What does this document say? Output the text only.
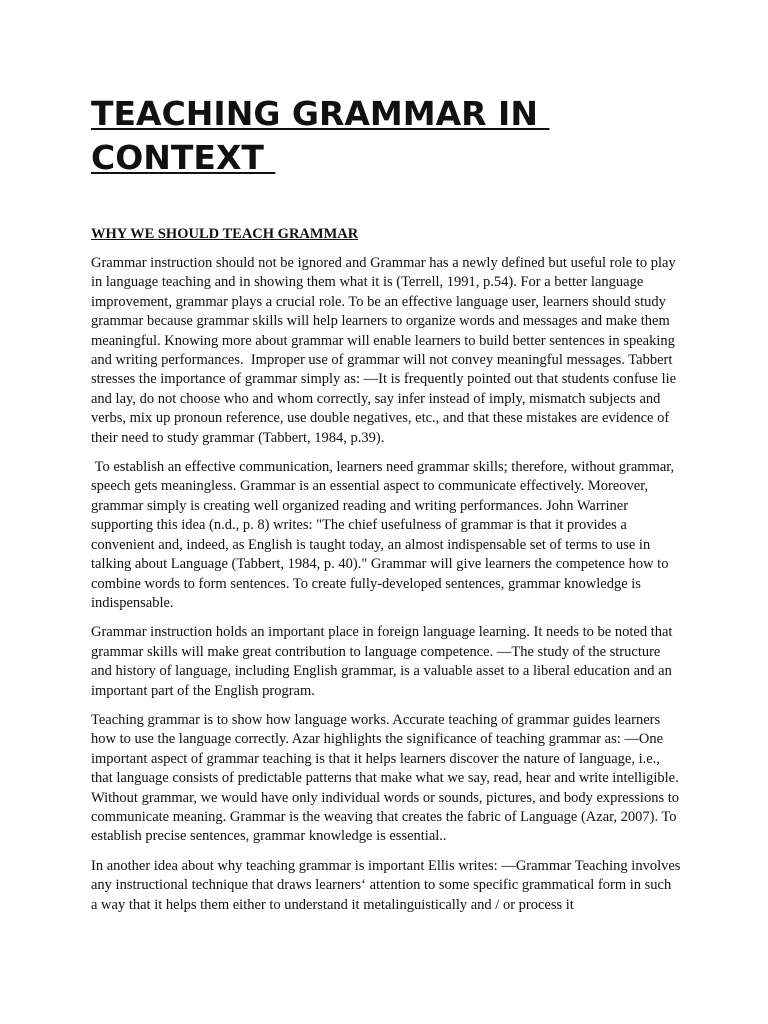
TEACHING GRAMMAR IN
CONTEXT
WHY WE SHOULD TEACH GRAMMAR

Grammar instruction should not be ignored and Grammar has a newly defined but useful role to play in language teaching and in showing them what it is (Terrell, 1991, p.54). For a better language improvement, grammar plays a crucial role. To be an effective language user, learners should study grammar because grammar skills will help learners to organize words and messages and make them meaningful. Knowing more about grammar will enable learners to build better sentences in speaking and writing performances.  Improper use of grammar will not convey meaningful messages. Tabbert stresses the importance of grammar simply as: —It is frequently pointed out that students confuse lie and lay, do not choose who and whom correctly, say infer instead of imply, mismatch subjects and verbs, mix up pronoun reference, use double negatives, etc., and that these mistakes are evidence of their need to study grammar (Tabbert, 1984, p.39).

To establish an effective communication, learners need grammar skills; therefore, without grammar, speech gets meaningless. Grammar is an essential aspect to communicate effectively. Moreover, grammar simply is creating well organized reading and writing performances. John Warriner supporting this idea (n.d., p. 8) writes: "The chief usefulness of grammar is that it provides a convenient and, indeed, as English is taught today, an almost indispensable set of terms to use in talking about Language (Tabbert, 1984, p. 40)." Grammar will give learners the competence how to combine words to form sentences. To create fully-developed sentences, grammar knowledge is indispensable.

Grammar instruction holds an important place in foreign language learning. It needs to be noted that grammar skills will make great contribution to language competence. —The study of the structure and history of language, including English grammar, is a valuable asset to a liberal education and an important part of the English program.

Teaching grammar is to show how language works. Accurate teaching of grammar guides learners how to use the language correctly. Azar highlights the significance of teaching grammar as: —One important aspect of grammar teaching is that it helps learners discover the nature of language, i.e., that language consists of predictable patterns that make what we say, read, hear and write intelligible. Without grammar, we would have only individual words or sounds, pictures, and body expressions to communicate meaning. Grammar is the weaving that creates the fabric of Language (Azar, 2007). To establish precise sentences, grammar knowledge is essential..

In another idea about why teaching grammar is important Ellis writes: —Grammar Teaching involves any instructional technique that draws learners‘ attention to some specific grammatical form in such a way that it helps them either to understand it metalinguistically and / or process it
